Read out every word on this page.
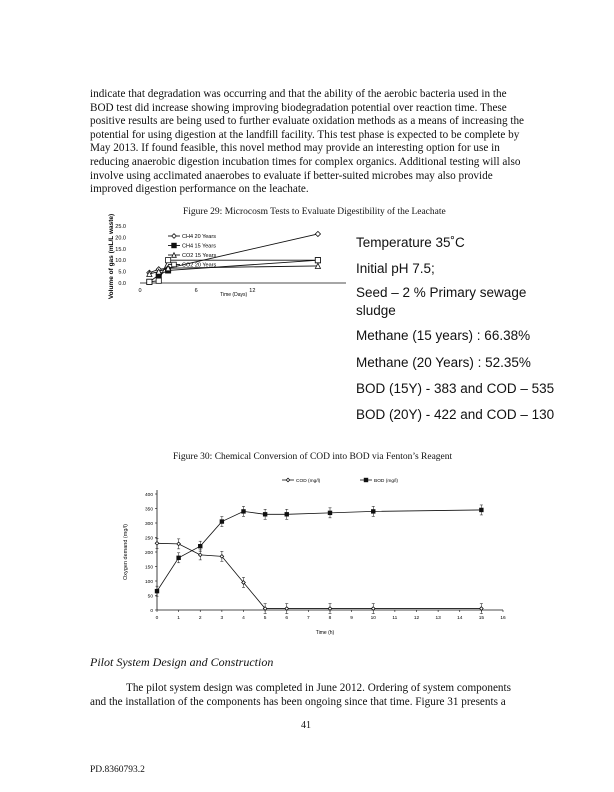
indicate that degradation was occurring and that the ability of the aerobic bacteria used in the
BOD test did increase showing improving biodegradation potential over reaction time. These
positive results are being used to further evaluate oxidation methods as a means of increasing the
potential for using digestion at the landfill facility. This test phase is expected to be complete by
May 2013. If found feasible, this novel method may provide an interesting option for use in
reducing anaerobic digestion incubation times for complex organics. Additional testing will also
involve using acclimated anaerobes to evaluate if better-suited microbes may also provide
improved digestion performance on the leachate.
Figure 29: Microcosm Tests to Evaluate Digestibility of the Leachate
0.0
5.0
10.0
15.0
20.0
25.0
0	6	12
Time (Days)
Volume of gas (mL/L waste)	CH4 20 Years
CH4 15 Years
CO2 15 Years
CO2 20 Years
Temperature 35˚C
Initial pH 7.5;
Seed – 2 % Primary sewage
sludge
Methane (15 years) : 66.38%
Methane (20 Years) : 52.35%
BOD (15Y) - 383 and COD – 535
BOD (20Y) - 422 and COD – 130
Figure 30: Chemical Conversion of COD into BOD via Fenton’s Reagent
0
50
100
150
200
250
300
350
400
0	1	2	3	4	5	6	7	8	9	10	11	12	13	14	15	16
Time (h)
Oxygen demand (mg/l)
COD (mg/l)	BOD (mg/l)
Pilot System Design and Construction
The pilot system design was completed in June 2012. Ordering of system components
and the installation of the components has been ongoing since that time. Figure 31 presents a
41
PD.8360793.2
